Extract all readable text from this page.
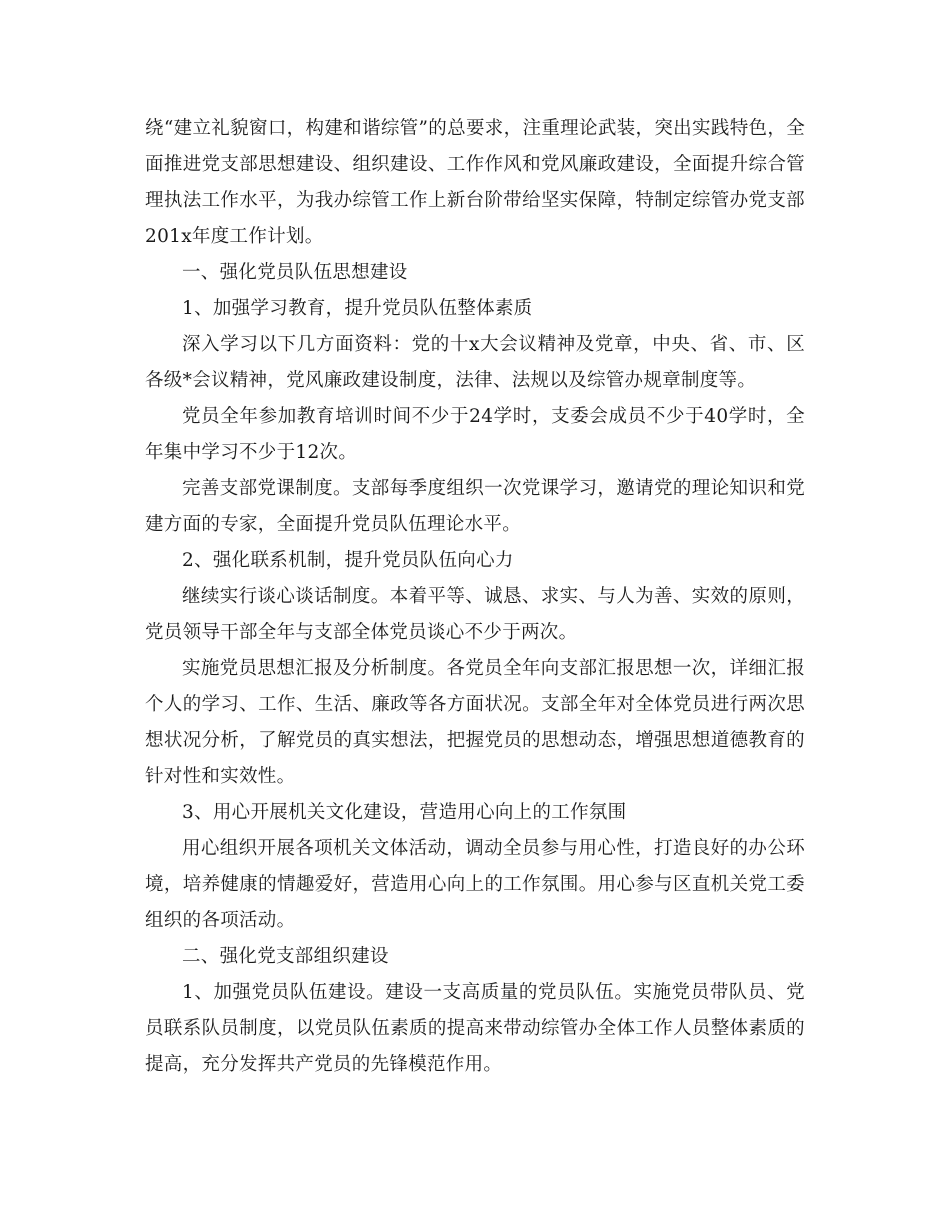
绕“建立礼貌窗口，构建和谐综管”的总要求，注重理论武装，突出实践特色，全面推进党支部思想建设、组织建设、工作作风和党风廉政建设，全面提升综合管理执法工作水平，为我办综管工作上新台阶带给坚实保障，特制定综管办党支部201x年度工作计划。

一、强化党员队伍思想建设

1、加强学习教育，提升党员队伍整体素质

深入学习以下几方面资料：党的十x大会议精神及党章，中央、省、市、区各级*会议精神，党风廉政建设制度，法律、法规以及综管办规章制度等。

党员全年参加教育培训时间不少于24学时，支委会成员不少于40学时，全年集中学习不少于12次。

完善支部党课制度。支部每季度组织一次党课学习，邀请党的理论知识和党建方面的专家，全面提升党员队伍理论水平。

2、强化联系机制，提升党员队伍向心力

继续实行谈心谈话制度。本着平等、诚恳、求实、与人为善、实效的原则，党员领导干部全年与支部全体党员谈心不少于两次。

实施党员思想汇报及分析制度。各党员全年向支部汇报思想一次，详细汇报个人的学习、工作、生活、廉政等各方面状况。支部全年对全体党员进行两次思想状况分析，了解党员的真实想法，把握党员的思想动态，增强思想道德教育的针对性和实效性。

3、用心开展机关文化建设，营造用心向上的工作氛围

用心组织开展各项机关文体活动，调动全员参与用心性，打造良好的办公环境，培养健康的情趣爱好，营造用心向上的工作氛围。用心参与区直机关党工委组织的各项活动。

二、强化党支部组织建设

1、加强党员队伍建设。建设一支高质量的党员队伍。实施党员带队员、党员联系队员制度，以党员队伍素质的提高来带动综管办全体工作人员整体素质的提高，充分发挥共产党员的先锋模范作用。
